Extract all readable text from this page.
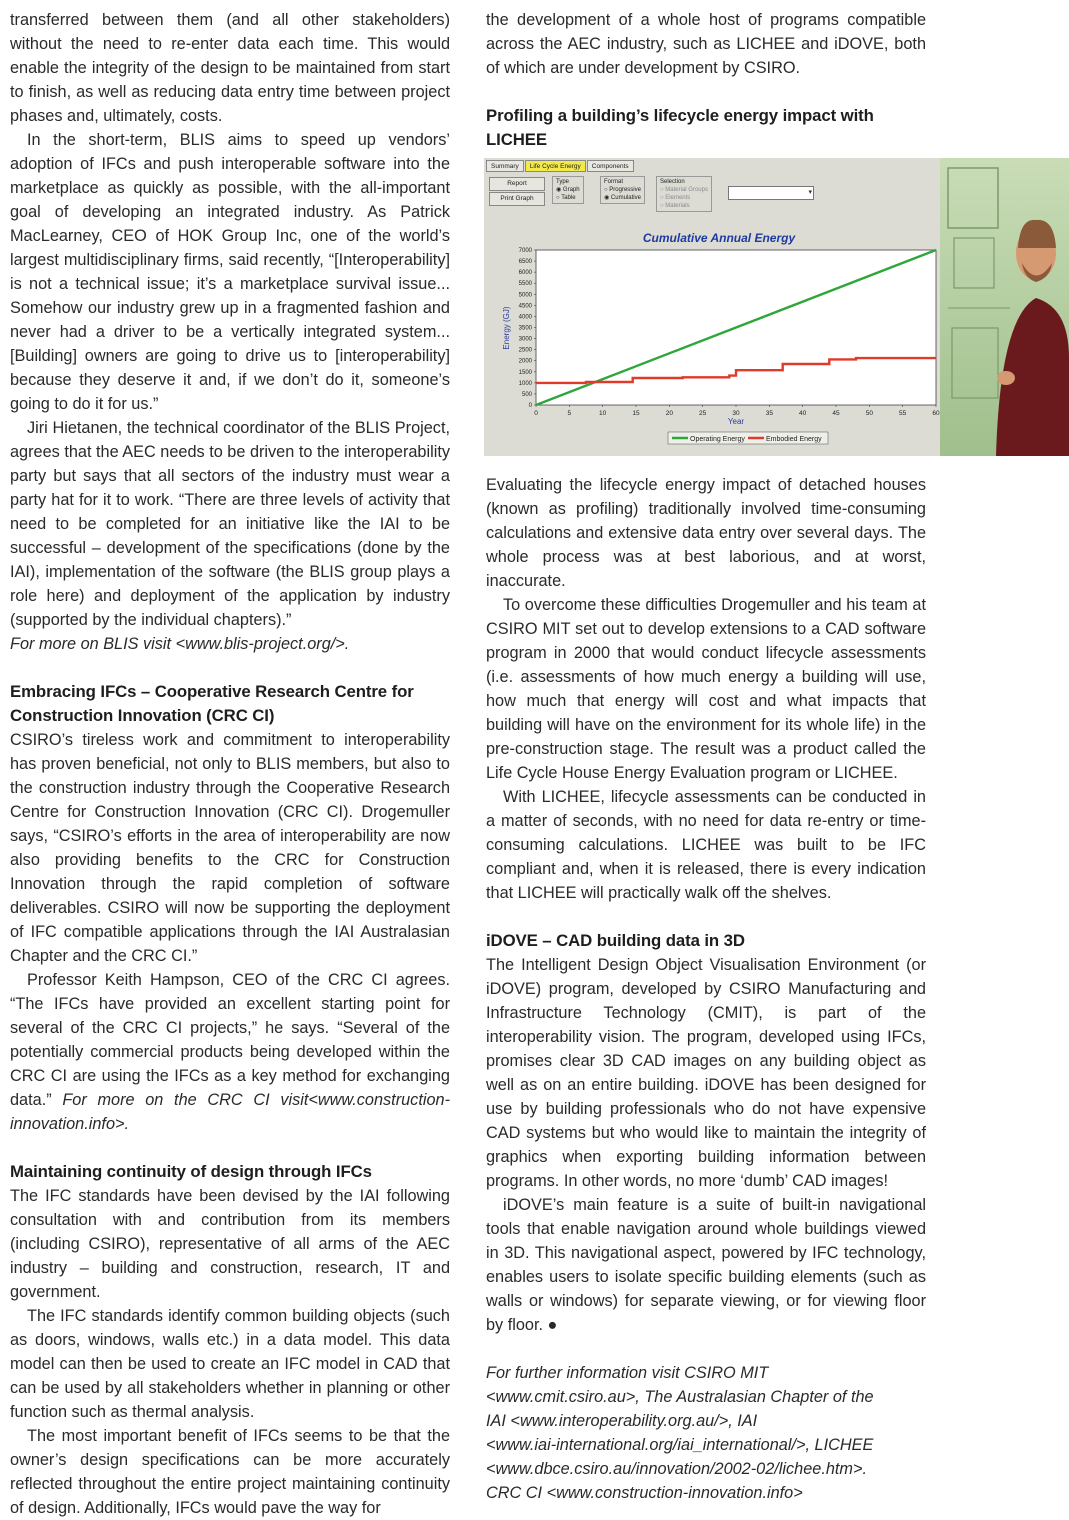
transferred between them (and all other stakeholders) without the need to re-enter data each time. This would enable the integrity of the design to be maintained from start to finish, as well as reducing data entry time between project phases and, ultimately, costs.

In the short-term, BLIS aims to speed up vendors’ adoption of IFCs and push interoperable software into the marketplace as quickly as possible, with the all-important goal of developing an integrated industry. As Patrick MacLearney, CEO of HOK Group Inc, one of the world’s largest multidisciplinary firms, said recently, “[Interoperability] is not a technical issue; it’s a marketplace survival issue... Somehow our industry grew up in a fragmented fashion and never had a driver to be a vertically integrated system... [Building] owners are going to drive us to [interoperability] because they deserve it and, if we don’t do it, someone’s going to do it for us.”

Jiri Hietanen, the technical coordinator of the BLIS Project, agrees that the AEC needs to be driven to the interoperability party but says that all sectors of the industry must wear a party hat for it to work. “There are three levels of activity that need to be completed for an initiative like the IAI to be successful – development of the specifications (done by the IAI), implementation of the software (the BLIS group plays a role here) and deployment of the application by industry (supported by the individual chapters).”

For more on BLIS visit <www.blis-project.org/>.

Embracing IFCs – Cooperative Research Centre for Construction Innovation (CRC CI)

CSIRO’s tireless work and commitment to interoperability has proven beneficial, not only to BLIS members, but also to the construction industry through the Cooperative Research Centre for Construction Innovation (CRC CI). Drogemuller says, “CSIRO’s efforts in the area of interoperability are now also providing benefits to the CRC for Construction Innovation through the rapid completion of software deliverables. CSIRO will now be supporting the deployment of IFC compatible applications through the IAI Australasian Chapter and the CRC CI.”

Professor Keith Hampson, CEO of the CRC CI agrees. “The IFCs have provided an excellent starting point for several of the CRC CI projects,” he says. “Several of the potentially commercial products being developed within the CRC CI are using the IFCs as a key method for exchanging data.” For more on the CRC CI visit<www.construction-innovation.info>.

Maintaining continuity of design through IFCs

The IFC standards have been devised by the IAI following consultation with and contribution from its members (including CSIRO), representative of all arms of the AEC industry – building and construction, research, IT and government.

The IFC standards identify common building objects (such as doors, windows, walls etc.) in a data model. This data model can then be used to create an IFC model in CAD that can be used by all stakeholders whether in planning or other function such as thermal analysis.

The most important benefit of IFCs seems to be that the owner’s design specifications can be more accurately reflected throughout the entire project maintaining continuity of design. Additionally, IFCs would pave the way for

the development of a whole host of programs compatible across the AEC industry, such as LICHEE and iDOVE, both of which are under development by CSIRO.

Profiling a building’s lifecycle energy impact with LICHEE

Evaluating the lifecycle energy impact of detached houses (known as profiling) traditionally involved time-consuming calculations and extensive data entry over several days. The whole process was at best laborious, and at worst, inaccurate.

To overcome these difficulties Drogemuller and his team at CSIRO MIT set out to develop extensions to a CAD software program in 2000 that would conduct lifecycle assessments (i.e. assessments of how much energy a building will use, how much that energy will cost and what impacts that building will have on the environment for its whole life) in the pre-construction stage. The result was a product called the Life Cycle House Energy Evaluation program or LICHEE.

With LICHEE, lifecycle assessments can be conducted in a matter of seconds, with no need for data re-entry or time-consuming calculations. LICHEE was built to be IFC compliant and, when it is released, there is every indication that LICHEE will practically walk off the shelves.

iDOVE – CAD building data in 3D

The Intelligent Design Object Visualisation Environment (or iDOVE) program, developed by CSIRO Manufacturing and Infrastructure Technology (CMIT), is part of the interoperability vision. The program, developed using IFCs, promises clear 3D CAD images on any building object as well as on an entire building. iDOVE has been designed for use by building professionals who do not have expensive CAD systems but who would like to maintain the integrity of graphics when exporting building information between programs. In other words, no more ‘dumb’ CAD images!

iDOVE’s main feature is a suite of built-in navigational tools that enable navigation around whole buildings viewed in 3D. This navigational aspect, powered by IFC technology, enables users to isolate specific building elements (such as walls or windows) for separate viewing, or for viewing floor by floor. ●

For further information visit CSIRO MIT
<www.cmit.csiro.au>, The Australasian Chapter of the
IAI <www.interoperability.org.au/>, IAI
<www.iai-international.org/iai_international/>, LICHEE
<www.dbce.csiro.au/innovation/2002-02/lichee.htm>.
CRC CI <www.construction-innovation.info>

Summary	Life Cycle Energy	Components
Report
Print Graph
Type
◉ Graph
○ Table
Format
○ Progressive
◉ Cumulative
Selection
○ Material Groups
○ Elements
○ Materials
▾
Cumulative Annual Energy
0
500
1000
1500
2000
2500
3000
3500
4000
4500
5000
5500
6000
6500
7000
0	5	10	15	20	25	30	35	40	45	50	55	60
Energy (GJ)
Year
Operating Energy	Embodied Energy
